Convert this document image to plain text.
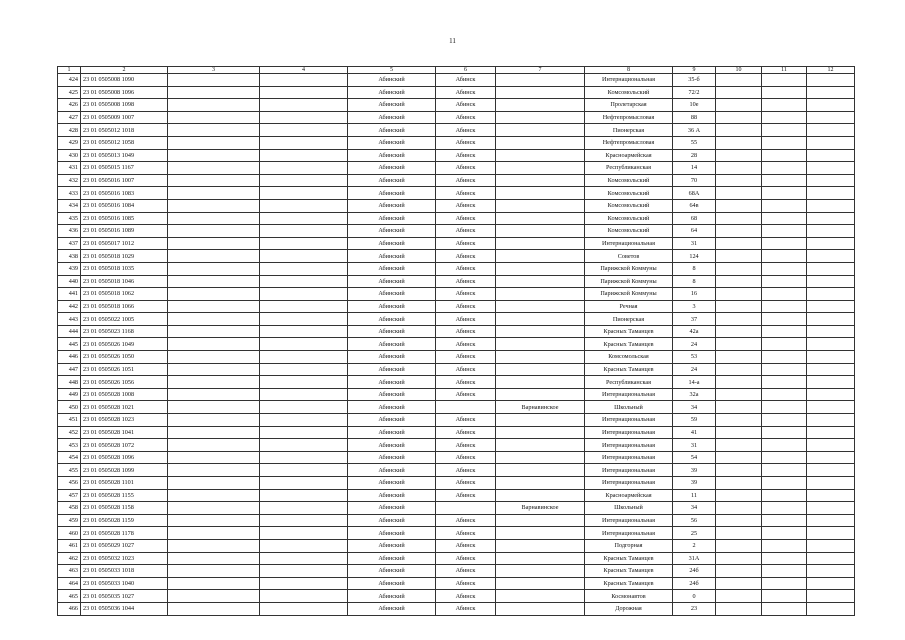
11
1	2	3	4	5	6	7	8	9	10	11	12
424	23 01 0505008 1090			Абинский	Абинск		Интернациональная	35-б			
425	23 01 0505008 1096			Абинский	Абинск		Комсомольский	72/2			
426	23 01 0505008 1098			Абинский	Абинск		Пролетарская	10е			
427	23 01 0505009 1007			Абинский	Абинск		Нефтепромысловая	88			
428	23 01 0505012 1018			Абинский	Абинск		Пионерская	36 А			
429	23 01 0505012 1058			Абинский	Абинск		Нефтепромысловая	55			
430	23 01 0505013 1049			Абинский	Абинск		Красноармейская	28			
431	23 01 0505015 1167			Абинский	Абинск		Республиканская	14			
432	23 01 0505016 1007			Абинский	Абинск		Комсомольский	70			
433	23 01 0505016 1083			Абинский	Абинск		Комсомольский	68А			
434	23 01 0505016 1084			Абинский	Абинск		Комсомольский	64в			
435	23 01 0505016 1085			Абинский	Абинск		Комсомольский	68			
436	23 01 0505016 1089			Абинский	Абинск		Комсомольский	64			
437	23 01 0505017 1012			Абинский	Абинск		Интернациональная	31			
438	23 01 0505018 1029			Абинский	Абинск		Советов	124			
439	23 01 0505018 1035			Абинский	Абинск		Парижской Коммуны	8			
440	23 01 0505018 1046			Абинский	Абинск		Парижской Коммуны	8			
441	23 01 0505018 1062			Абинский	Абинск		Парижской Коммуны	16			
442	23 01 0505018 1066			Абинский	Абинск		Речная	3			
443	23 01 0505022 1005			Абинский	Абинск		Пионерская	37			
444	23 01 0505023 1168			Абинский	Абинск		Красных Таманцев	42а			
445	23 01 0505026 1049			Абинский	Абинск		Красных Таманцев	24			
446	23 01 0505026 1050			Абинский	Абинск		Комсомольская	53			
447	23 01 0505026 1051			Абинский	Абинск		Красных Таманцев	24			
448	23 01 0505026 1056			Абинский	Абинск		Республиканская	14-а			
449	23 01 0505028 1008			Абинский	Абинск		Интернациональная	32а			
450	23 01 0505028 1021			Абинский		Варнавинское	Школьный	34			
451	23 01 0505028 1023			Абинский	Абинск		Интернациональная	59			
452	23 01 0505028 1041			Абинский	Абинск		Интернациональная	41			
453	23 01 0505028 1072			Абинский	Абинск		Интернациональная	31			
454	23 01 0505028 1096			Абинский	Абинск		Интернациональная	54			
455	23 01 0505028 1099			Абинский	Абинск		Интернациональная	39			
456	23 01 0505028 1101			Абинский	Абинск		Интернациональная	39			
457	23 01 0505028 1155			Абинский	Абинск		Красноармейская	11			
458	23 01 0505028 1158			Абинский		Варнавинское	Школьный	34			
459	23 01 0505028 1159			Абинский	Абинск		Интернациональная	56			
460	23 01 0505028 1178			Абинский	Абинск		Интернациональная	25			
461	23 01 0505029 1027			Абинский	Абинск		Подгорная	2			
462	23 01 0505032 1023			Абинский	Абинск		Красных Таманцев	31А			
463	23 01 0505033 1018			Абинский	Абинск		Красных Таманцев	24б			
464	23 01 0505033 1040			Абинский	Абинск		Красных Таманцев	24б			
465	23 01 0505035 1027			Абинский	Абинск		Космонавтов	0			
466	23 01 0505036 1044			Абинский	Абинск		Дорожная	23			
